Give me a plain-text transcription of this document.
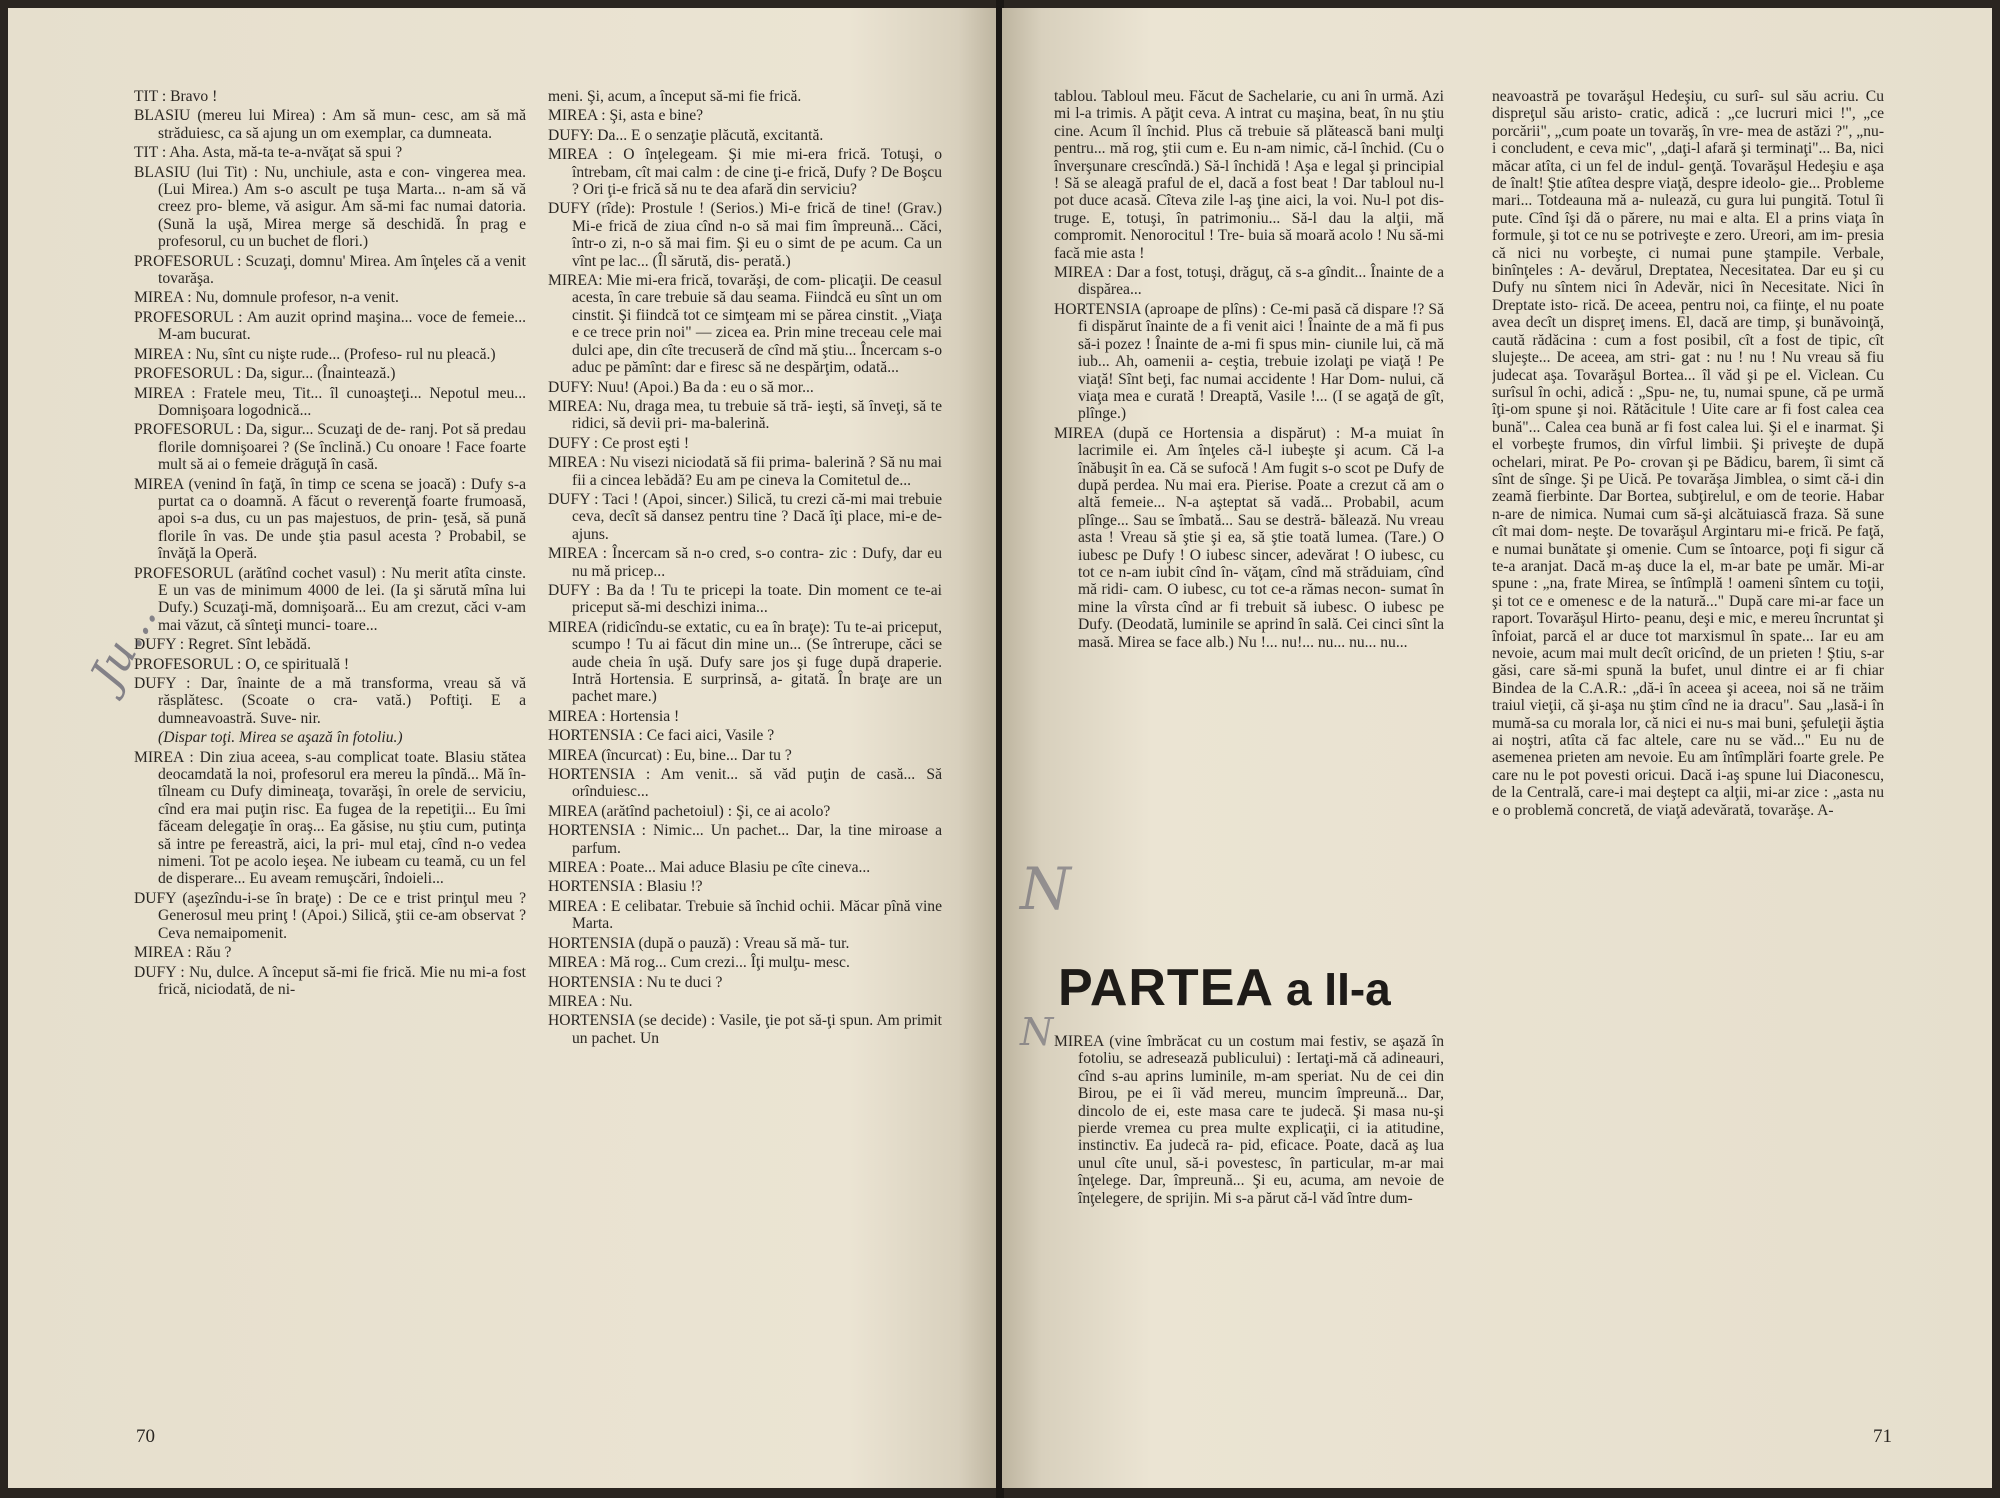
TIT : Bravo !

BLASIU (mereu lui Mirea) : Am să mun- cesc, am să mă străduiesc, ca să ajung un om exemplar, ca dumneata.

TIT : Aha. Asta, mă-ta te-a-nvăţat să spui ?

BLASIU (lui Tit) : Nu, unchiule, asta e con- vingerea mea. (Lui Mirea.) Am s-o ascult pe tuşa Marta... n-am să vă creez pro- bleme, vă asigur. Am să-mi fac numai datoria. (Sună la uşă, Mirea merge să deschidă. În prag e profesorul, cu un buchet de flori.)

PROFESORUL : Scuzaţi, domnu' Mirea. Am înţeles că a venit tovarăşa.

MIREA : Nu, domnule profesor, n-a venit.

PROFESORUL : Am auzit oprind maşina... voce de femeie... M-am bucurat.

MIREA : Nu, sînt cu nişte rude... (Profeso- rul nu pleacă.)

PROFESORUL : Da, sigur... (Înaintează.)

MIREA : Fratele meu, Tit... îl cunoaşteţi... Nepotul meu... Domnişoara logodnică...

PROFESORUL : Da, sigur... Scuzaţi de de- ranj. Pot să predau florile domnişoarei ? (Se înclină.) Cu onoare ! Face foarte mult să ai o femeie drăguţă în casă.

MIREA (venind în faţă, în timp ce scena se joacă) : Dufy s-a purtat ca o doamnă. A făcut o reverenţă foarte frumoasă, apoi s-a dus, cu un pas majestuos, de prin- ţesă, să pună florile în vas. De unde ştia pasul acesta ? Probabil, se învăţă la Operă.

PROFESORUL (arătînd cochet vasul) : Nu merit atîta cinste. E un vas de minimum 4000 de lei. (Ia şi sărută mîna lui Dufy.) Scuzaţi-mă, domnişoară... Eu am crezut, căci v-am mai văzut, că sînteţi munci- toare...

DUFY : Regret. Sînt lebădă.

PROFESORUL : O, ce spirituală !

DUFY : Dar, înainte de a mă transforma, vreau să vă răsplătesc. (Scoate o cra- vată.) Poftiţi. E a dumneavoastră. Suve- nir.

(Dispar toţi. Mirea se aşază în fotoliu.)

MIREA : Din ziua aceea, s-au complicat toate. Blasiu stătea deocamdată la noi, profesorul era mereu la pîndă... Mă în- tîlneam cu Dufy dimineaţa, tovarăşi, în orele de serviciu, cînd era mai puţin risc. Ea fugea de la repetiţii... Eu îmi făceam delegaţie în oraş... Ea găsise, nu ştiu cum, putinţa să intre pe fereastră, aici, la pri- mul etaj, cînd n-o vedea nimeni. Tot pe acolo ieşea. Ne iubeam cu teamă, cu un fel de disperare... Eu aveam remuşcări, îndoieli...

DUFY (aşezîndu-i-se în braţe) : De ce e trist prinţul meu ? Generosul meu prinţ ! (Apoi.) Silică, ştii ce-am observat ? Ceva nemaipomenit.

MIREA : Rău ?

DUFY : Nu, dulce. A început să-mi fie frică. Mie nu mi-a fost frică, niciodată, de ni-

meni. Şi, acum, a început să-mi fie frică.

MIREA : Şi, asta e bine?

DUFY: Da... E o senzaţie plăcută, excitantă.

MIREA : O înţelegeam. Şi mie mi-era frică. Totuşi, o întrebam, cît mai calm : de cine ţi-e frică, Dufy ? De Boşcu ? Ori ţi-e frică să nu te dea afară din serviciu?

DUFY (rîde): Prostule ! (Serios.) Mi-e frică de tine! (Grav.) Mi-e frică de ziua cînd n-o să mai fim împreună... Căci, într-o zi, n-o să mai fim. Şi eu o simt de pe acum. Ca un vînt pe lac... (Îl sărută, dis- perată.)

MIREA: Mie mi-era frică, tovarăşi, de com- plicaţii. De ceasul acesta, în care trebuie să dau seama. Fiindcă eu sînt un om cinstit. Şi fiindcă tot ce simţeam mi se părea cinstit. „Viaţa e ce trece prin noi" — zicea ea. Prin mine treceau cele mai dulci ape, din cîte trecuseră de cînd mă ştiu... Încercam s-o aduc pe pămînt: dar e firesc să ne despărţim, odată...

DUFY: Nuu! (Apoi.) Ba da : eu o să mor...

MIREA: Nu, draga mea, tu trebuie să tră- ieşti, să înveţi, să te ridici, să devii pri- ma-balerină.

DUFY : Ce prost eşti !

MIREA : Nu visezi niciodată să fii prima- balerină ? Să nu mai fii a cincea lebădă? Eu am pe cineva la Comitetul de...

DUFY : Taci ! (Apoi, sincer.) Silică, tu crezi că-mi mai trebuie ceva, decît să dansez pentru tine ? Dacă îţi place, mi-e de-ajuns.

MIREA : Încercam să n-o cred, s-o contra- zic : Dufy, dar eu nu mă pricep...

DUFY : Ba da ! Tu te pricepi la toate. Din moment ce te-ai priceput să-mi deschizi inima...

MIREA (ridicîndu-se extatic, cu ea în braţe): Tu te-ai priceput, scumpo ! Tu ai făcut din mine un... (Se întrerupe, căci se aude cheia în uşă. Dufy sare jos şi fuge după draperie. Intră Hortensia. E surprinsă, a- gitată. În braţe are un pachet mare.)

MIREA : Hortensia !

HORTENSIA : Ce faci aici, Vasile ?

MIREA (încurcat) : Eu, bine... Dar tu ?

HORTENSIA : Am venit... să văd puţin de casă... Să orînduiesc...

MIREA (arătînd pachetoiul) : Şi, ce ai acolo?

HORTENSIA : Nimic... Un pachet... Dar, la tine miroase a parfum.

MIREA : Poate... Mai aduce Blasiu pe cîte cineva...

HORTENSIA : Blasiu !?

MIREA : E celibatar. Trebuie să închid ochii. Măcar pînă vine Marta.

HORTENSIA (după o pauză) : Vreau să mă- tur.

MIREA : Mă rog... Cum crezi... Îţi mulţu- mesc.

HORTENSIA : Nu te duci ?

MIREA : Nu.

HORTENSIA (se decide) : Vasile, ţie pot să-ţi spun. Am primit un pachet. Un

70

tablou. Tabloul meu. Făcut de Sachelarie, cu ani în urmă. Azi mi l-a trimis. A păţit ceva. A intrat cu maşina, beat, în nu ştiu cine. Acum îl închid. Plus că trebuie să plătească bani mulţi pentru... mă rog, ştii cum e. Eu n-am nimic, că-l închid. (Cu o înverşunare crescîndă.) Să-l închidă ! Aşa e legal şi principial ! Să se aleagă praful de el, dacă a fost beat ! Dar tabloul nu-l pot duce acasă. Cîteva zile l-aş ţine aici, la voi. Nu-l pot dis- truge. E, totuşi, în patrimoniu... Să-l dau la alţii, mă compromit. Nenorocitul ! Tre- buia să moară acolo ! Nu să-mi facă mie asta !

MIREA : Dar a fost, totuşi, drăguţ, că s-a gîndit... Înainte de a dispărea...

HORTENSIA (aproape de plîns) : Ce-mi pasă că dispare !? Să fi dispărut înainte de a fi venit aici ! Înainte de a mă fi pus să-i pozez ! Înainte de a-mi fi spus min- ciunile lui, că mă iub... Ah, oamenii a- ceştia, trebuie izolaţi pe viaţă ! Pe viaţă! Sînt beţi, fac numai accidente ! Har Dom- nului, că viaţa mea e curată ! Dreaptă, Vasile !... (I se agaţă de gît, plînge.)

MIREA (după ce Hortensia a dispărut) : M-a muiat în lacrimile ei. Am înţeles că-l iubeşte şi acum. Că l-a înăbuşit în ea. Că se sufocă ! Am fugit s-o scot pe Dufy de după perdea. Nu mai era. Pierise. Poate a crezut că am o altă femeie... N-a aşteptat să vadă... Probabil, acum plînge... Sau se îmbată... Sau se destră- bălează. Nu vreau asta ! Vreau să ştie şi ea, să ştie toată lumea. (Tare.) O iubesc pe Dufy ! O iubesc sincer, adevărat ! O iubesc, cu tot ce n-am iubit cînd în- văţam, cînd mă străduiam, cînd mă ridi- cam. O iubesc, cu tot ce-a rămas necon- sumat în mine la vîrsta cînd ar fi trebuit să iubesc. O iubesc pe Dufy. (Deodată, luminile se aprind în sală. Cei cinci sînt la masă. Mirea se face alb.) Nu !... nu!... nu... nu... nu...

PARTEA a II-a

MIREA (vine îmbrăcat cu un costum mai festiv, se aşază în fotoliu, se adresează publicului) : Iertaţi-mă că adineauri, cînd s-au aprins luminile, m-am speriat. Nu de cei din Birou, pe ei îi văd mereu, muncim împreună... Dar, dincolo de ei, este masa care te judecă. Şi masa nu-şi pierde vremea cu prea multe explicaţii, ci ia atitudine, instinctiv. Ea judecă ra- pid, eficace. Poate, dacă aş lua unul cîte unul, să-i povestesc, în particular, m-ar mai înţelege. Dar, împreună... Şi eu, acuma, am nevoie de înţelegere, de sprijin. Mi s-a părut că-l văd între dum-

neavoastră pe tovarăşul Hedeşiu, cu surî- sul său acriu. Cu dispreţul său aristo- cratic, adică : „ce lucruri mici !", „ce porcării", „cum poate un tovarăş, în vre- mea de astăzi ?", „nu-i concludent, e ceva mic", „daţi-l afară şi terminaţi"... Ba, nici măcar atîta, ci un fel de indul- genţă. Tovarăşul Hedeşiu e aşa de înalt! Ştie atîtea despre viaţă, despre ideolo- gie... Probleme mari... Totdeauna mă a- nulează, cu gura lui pungită. Totul îi pute. Cînd îşi dă o părere, nu mai e alta. El a prins viaţa în formule, şi tot ce nu se potriveşte e zero. Ureori, am im- presia că nici nu vorbeşte, ci numai pune ştampile. Verbale, binînţeles : A- devărul, Dreptatea, Necesitatea. Dar eu şi cu Dufy nu sîntem nici în Adevăr, nici în Necesitate. Nici în Dreptate isto- rică. De aceea, pentru noi, ca fiinţe, el nu poate avea decît un dispreţ imens. El, dacă are timp, şi bunăvoinţă, caută rădăcina : cum a fost posibil, cît a fost de tipic, cît slujeşte... De aceea, am stri- gat : nu ! nu ! Nu vreau să fiu judecat aşa. Tovarăşul Bortea... îl văd şi pe el. Viclean. Cu surîsul în ochi, adică : „Spu- ne, tu, numai spune, că pe urmă îţi-om spune şi noi. Rătăcitule ! Uite care ar fi fost calea cea bună"... Calea cea bună ar fi fost calea lui. Şi el e inarmat. Şi el vorbeşte frumos, din vîrful limbii. Şi priveşte de după ochelari, mirat. Pe Po- crovan şi pe Bădicu, barem, îi simt că sînt de sînge. Şi pe Uică. Pe tovarăşa Jimblea, o simt că-i din zeamă fierbinte. Dar Bortea, subţirelul, e om de teorie. Habar n-are de nimica. Numai cum să-şi alcătuiască fraza. Să sune cît mai dom- neşte. De tovarăşul Argintaru mi-e frică. Pe faţă, e numai bunătate şi omenie. Cum se întoarce, poţi fi sigur că te-a aranjat. Dacă m-aş duce la el, m-ar bate pe umăr. Mi-ar spune : „na, frate Mirea, se întîmplă ! oameni sîntem cu toţii, şi tot ce e omenesc e de la natură..." După care mi-ar face un raport. Tovarăşul Hirto- peanu, deşi e mic, e mereu încruntat şi înfoiat, parcă el ar duce tot marxismul în spate... Iar eu am nevoie, acum mai mult decît oricînd, de un prieten ! Ştiu, s-ar găsi, care să-mi spună la bufet, unul dintre ei ar fi chiar Bindea de la C.A.R.: „dă-i în aceea şi aceea, noi să ne trăim traiul vieţii, că şi-aşa nu ştim cînd ne ia dracu". Sau „lasă-i în mumă-sa cu morala lor, că nici ei nu-s mai buni, şefuleţii ăştia ai noştri, atîta că fac altele, care nu se văd..." Eu nu de asemenea prieten am nevoie. Eu am întîmplări foarte grele. Pe care nu le pot povesti oricui. Dacă i-aş spune lui Diaconescu, de la Centrală, care-i mai deştept ca alţii, mi-ar zice : „asta nu e o problemă concretă, de viaţă adevărată, tovarăşe. A-

71
Ju...
N
N
